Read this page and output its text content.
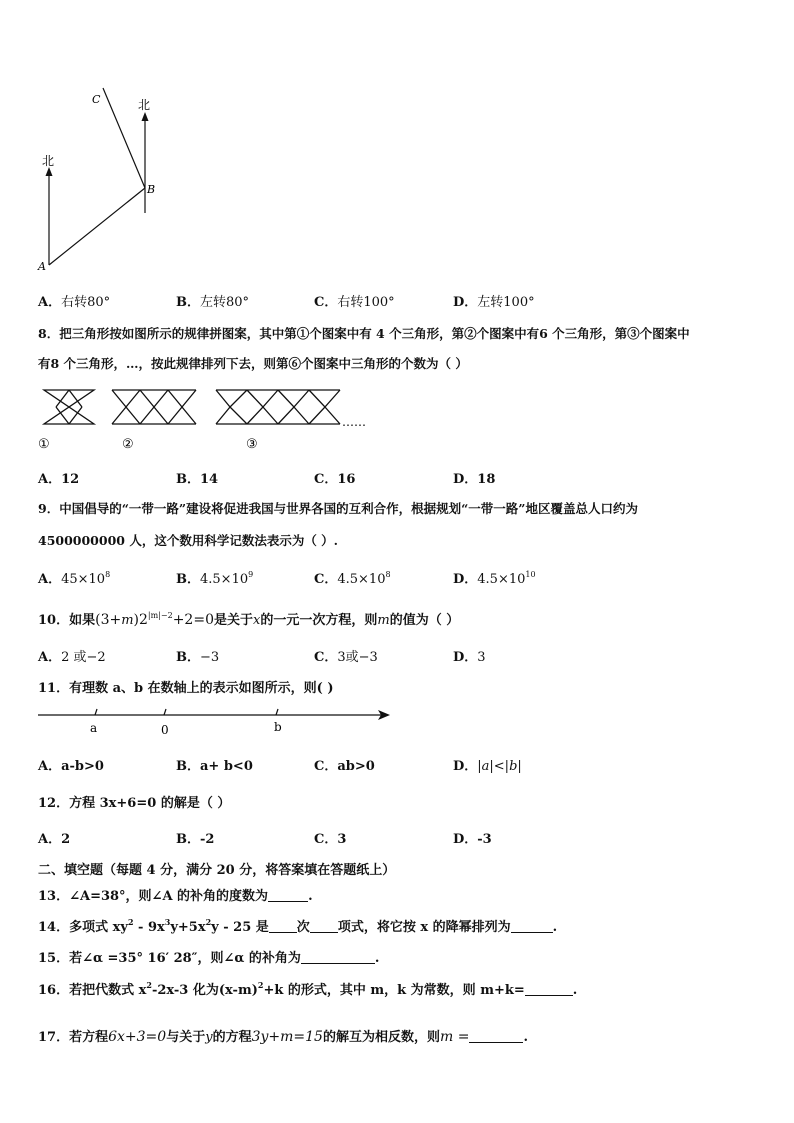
北
北
A
B
C
A．右转80°	B．左转80°	C．右转100°	D．左转100°
8．把三角形按如图所示的规律拼图案，其中第①个图案中有 4 个三角形，第②个图案中有6 个三角形，第③个图案中
有8 个三角形，…，按此规律排列下去，则第⑥个图案中三角形的个数为（ ）
……
①	②	③
A．12	B．14	C．16	D．18
9．中国倡导的“一带一路”建设将促进我国与世界各国的互利合作，根据规划“一带一路”地区覆盖总人口约为
4500000000 人，这个数用科学记数法表示为（ ）.
A．$45\times 10^8$	B．$4.5\times 10^9$	C．$4.5\times 10^8$	D．$4.5\times 10^{10}$
10．如果$(3+m)2^{|m|-2}+2=0$是关于x的一元一次方程，则m的值为（ ）
A．2 或−2	B．−3	C．3或−3	D．3
11．有理数 a、b 在数轴上的表示如图所示，则( )
a	0	b
A．a-b>0	B．a+ b<0	C．ab>0	D．|a|<|b|
12．方程 3x+6=0 的解是（ ）
A．2	B．-2	C．3	D．-3
二、填空题（每题 4 分，满分 20 分，将答案填在答题纸上）
13．∠A=38°，则∠A 的补角的度数为	.
14．多项式 $xy^2 - 9x^3y+5x^2y - 25$ 是 次 项式，将它按 x 的降幂排列为	.
15．若∠α =35° 16′ 28″，则∠α 的补角为	.
16．若把代数式 $x^2-2x-3$ 化为$(x-m)^2+k$ 的形式，其中 m，k 为常数，则 m+k=	.
17．若方程6x+3=0与关于y的方程3y+m=15的解互为相反数，则m =	.
